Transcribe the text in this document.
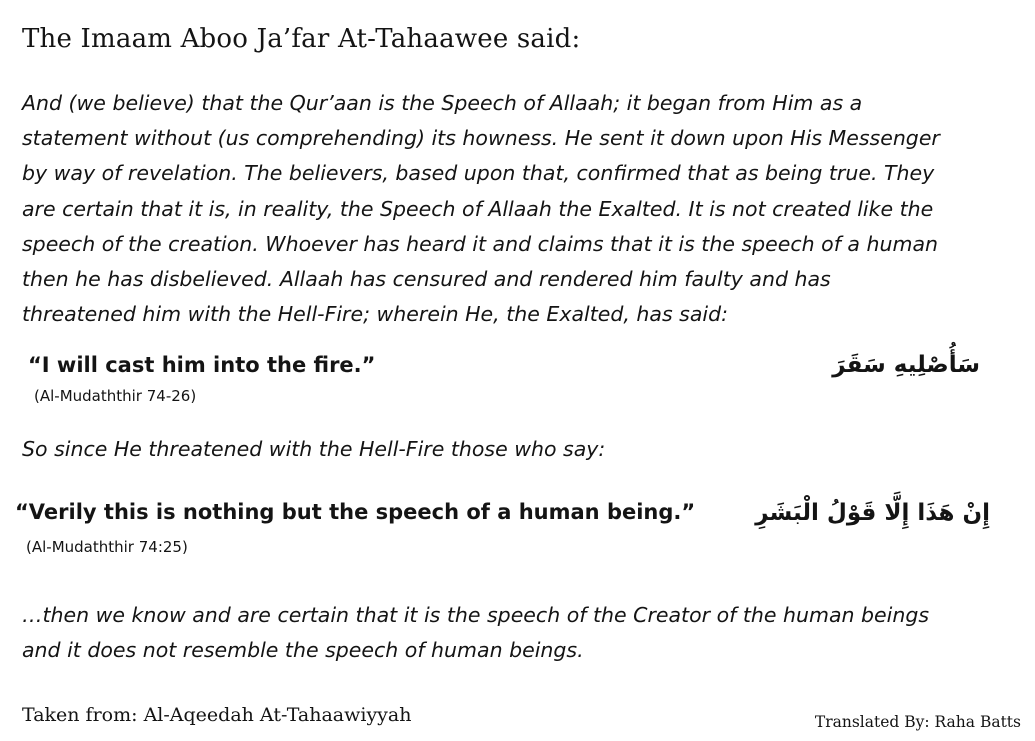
The Imaam Aboo Ja’far At-Tahaawee said:
And (we believe) that the Qur’aan is the Speech of Allaah; it began from Him as a
statement without (us comprehending) its howness. He sent it down upon His Messenger
by way of revelation. The believers, based upon that, confirmed that as being true. They
are certain that it is, in reality, the Speech of Allaah the Exalted. It is not created like the
speech of the creation. Whoever has heard it and claims that it is the speech of a human
then he has disbelieved. Allaah has censured and rendered him faulty and has
threatened him with the Hell-Fire; wherein He, the Exalted, has said:
“I will cast him into the fire.”
(Al-Mudaththir 74-26)
سَأُصْلِيهِ سَقَرَ
So since He threatened with the Hell-Fire those who say:
“Verily this is nothing but the speech of a human being.”
(Al-Mudaththir 74:25)
إِنْ هَذَا إِلَّا قَوْلُ الْبَشَرِ
…then we know and are certain that it is the speech of the Creator of the human beings
and it does not resemble the speech of human beings.
Taken from: Al-Aqeedah At-Tahaawiyyah	Translated By: Raha Batts
